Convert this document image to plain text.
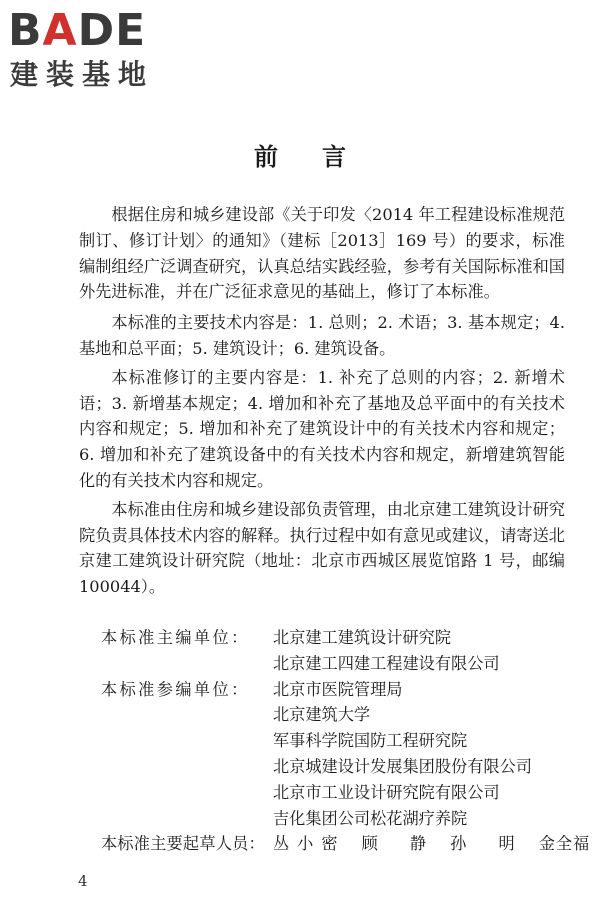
BADE
建装基地
前言

根据住房和城乡建设部《关于印发〈2014 年工程建设标准规范制订、修订计划〉的通知》（建标［2013］169 号）的要求，标准编制组经广泛调查研究，认真总结实践经验，参考有关国际标准和国外先进标准，并在广泛征求意见的基础上，修订了本标准。

本标准的主要技术内容是：1. 总则；2. 术语；3. 基本规定；4. 基地和总平面；5. 建筑设计；6. 建筑设备。

本标准修订的主要内容是：1. 补充了总则的内容；2. 新增术语；3. 新增基本规定；4. 增加和补充了基地及总平面中的有关技术内容和规定；5. 增加和补充了建筑设计中的有关技术内容和规定；6. 增加和补充了建筑设备中的有关技术内容和规定，新增建筑智能化的有关技术内容和规定。

本标准由住房和城乡建设部负责管理，由北京建工建筑设计研究院负责具体技术内容的解释。执行过程中如有意见或建议，请寄送北京建工建筑设计研究院（地址：北京市西城区展览馆路 1 号，邮编 100044）。

本标准主编单位：	北京建工建筑设计研究院
北京建工四建工程建设有限公司
本标准参编单位：	北京市医院管理局
北京建筑大学
军事科学院国防工程研究院
北京城建设计发展集团股份有限公司
北京市工业设计研究院有限公司
吉化集团公司松花湖疗养院
本标准主要起草人员： 丛小密 顾　静 孙　明 金全福
4
